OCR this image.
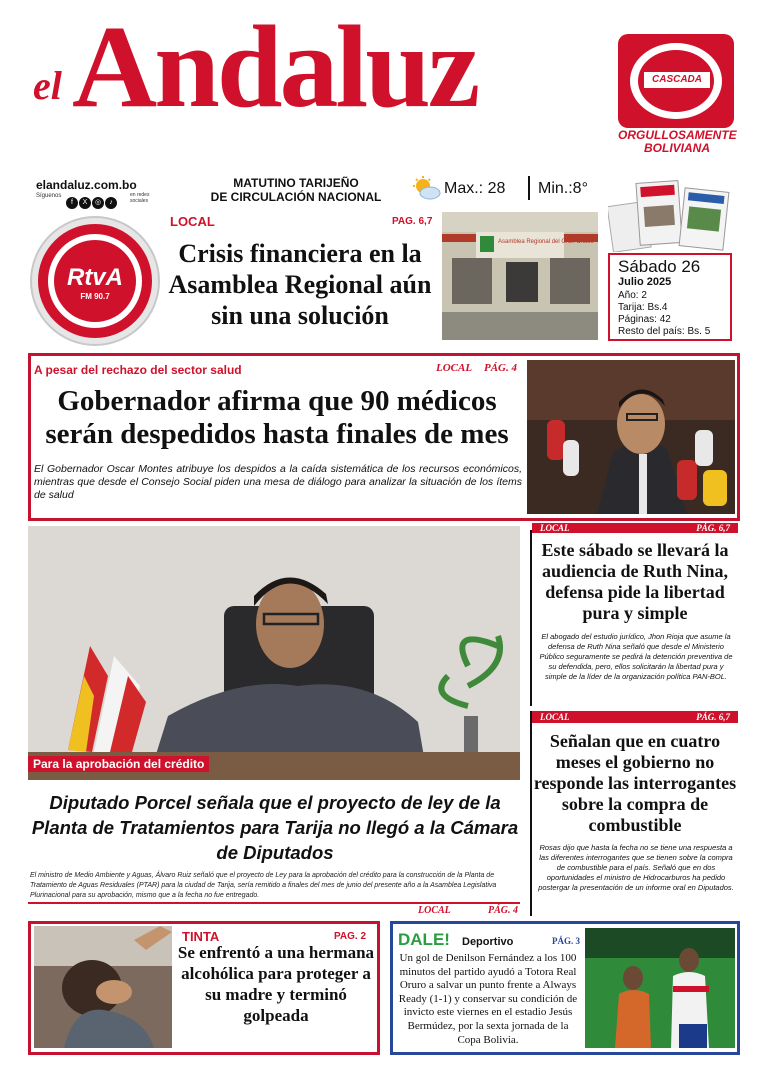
el Andaluz	CASCADA
ORGULLOSAMENTE
BOLIVIANA
elandaluz.com.bo
Síguenos
f X ◎ ♪
en redes sociales
MATUTINO TARIJEÑO
DE CIRCULACIÓN NACIONAL	Max.: 28 Min.:8°
Sábado 26
Julio 2025
Año: 2
Tarija: Bs.4
Páginas: 42
Resto del país: Bs. 5
RtvA
FM 90.7
LOCAL	PAG. 6,7
Crisis financiera en la Asamblea Regional aún sin una solución
Asamblea Regional del Gran Chaco
A pesar del rechazo del sector salud	LOCAL PÁG. 4
Gobernador afirma que 90 médicos serán despedidos hasta finales de mes
El Gobernador Oscar Montes atribuye los despidos a la caída sistemática de los recursos económicos, mientras que desde el Consejo Social piden una mesa de diálogo para analizar la situación de los ítems de salud
Para la aprobación del crédito
Diputado Porcel señala que el proyecto de ley de la Planta de Tratamientos para Tarija no llegó a la Cámara de Diputados
El ministro de Medio Ambiente y Aguas, Álvaro Ruiz señaló que el proyecto de Ley para la aprobación del crédito para la construcción de la Planta de Tratamiento de Aguas Residuales (PTAR) para la ciudad de Tarija, sería remitido a finales del mes de junio del presente año a la Asamblea Legislativa Plurinacional para su aprobación, mismo que a la fecha no fue entregado.
LOCAL	PÁG. 4
LOCAL	PÁG. 6,7
Este sábado se llevará la audiencia de Ruth Nina, defensa pide la libertad pura y simple
El abogado del estudio jurídico, Jhon Rioja que asume la defensa de Ruth Nina señaló que desde el Ministerio Público seguramente se pedirá la detención preventiva de su defendida, pero, ellos solicitarán la libertad pura y simple de la líder de la organización política PAN-BOL.
LOCAL	PÁG. 6,7
Señalan que en cuatro meses el gobierno no responde las interrogantes sobre la compra de combustible
Rosas dijo que hasta la fecha no se tiene una respuesta a las diferentes interrogantes que se tienen sobre la compra de combustible para el país. Señaló que en dos oportunidades el ministro de Hidrocarburos ha pedido postergar la presentación de un informe oral en Diputados.
TINTA	PAG. 2
Se enfrentó a una hermana alcohólica para proteger a su madre y terminó golpeada
DALE! Deportivo	PÁG. 3
Un gol de Denilson Fernández a los 100 minutos del partido ayudó a Totora Real Oruro a salvar un punto frente a Always Ready (1-1) y conservar su condición de invicto este viernes en el estadio Jesús Bermúdez, por la sexta jornada de la Copa Bolivia.
